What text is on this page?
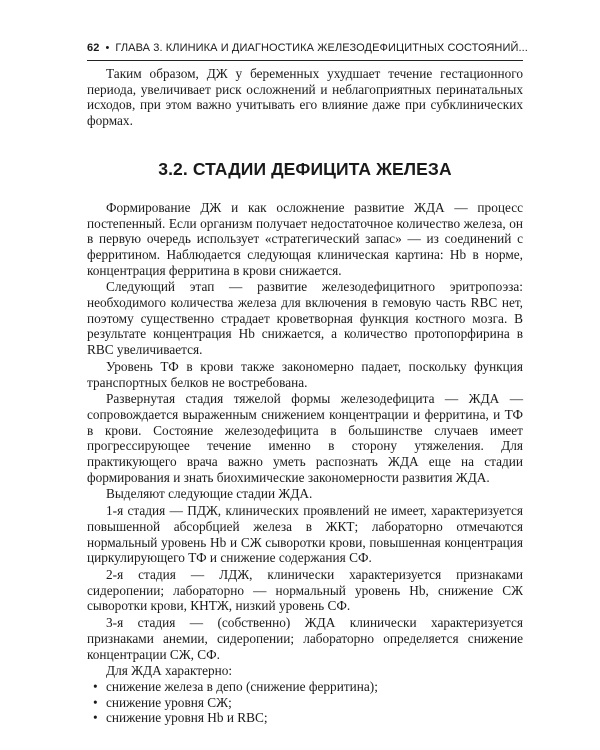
62 • ГЛАВА 3. КЛИНИКА И ДИАГНОСТИКА ЖЕЛЕЗОДЕФИЦИТНЫХ СОСТОЯНИЙ...

Таким образом, ДЖ у беременных ухудшает течение гестационного периода, увеличивает риск осложнений и неблагоприятных перинатальных исходов, при этом важно учитывать его влияние даже при субклинических формах.

3.2. СТАДИИ ДЕФИЦИТА ЖЕЛЕЗА

Формирование ДЖ и как осложнение развитие ЖДА — процесс постепенный. Если организм получает недостаточное количество железа, он в первую очередь использует «стратегический запас» — из соединений с ферритином. Наблюдается следующая клиническая картина: Hb в норме, концентрация ферритина в крови снижается.

Следующий этап — развитие железодефицитного эритропоэза: необходимого количества железа для включения в гемовую часть RBC нет, поэтому существенно страдает кроветворная функция костного мозга. В результате концентрация Hb снижается, а количество протопорфирина в RBC увеличивается.

Уровень ТФ в крови также закономерно падает, поскольку функция транспортных белков не востребована.

Развернутая стадия тяжелой формы железодефицита — ЖДА — сопровождается выраженным снижением концентрации и ферритина, и ТФ в крови. Состояние железодефицита в большинстве случаев имеет прогрессирующее течение именно в сторону утяжеления. Для практикующего врача важно уметь распознать ЖДА еще на стадии формирования и знать биохимические закономерности развития ЖДА.

Выделяют следующие стадии ЖДА.

1-я стадия — ПДЖ, клинических проявлений не имеет, характеризуется повышенной абсорбцией железа в ЖКТ; лабораторно отмечаются нормальный уровень Hb и СЖ сыворотки крови, повышенная концентрация циркулирующего ТФ и снижение содержания СФ.

2-я стадия — ЛДЖ, клинически характеризуется признаками сидеропении; лабораторно — нормальный уровень Hb, снижение СЖ сыворотки крови, КНТЖ, низкий уровень СФ.

3-я стадия — (собственно) ЖДА клинически характеризуется признаками анемии, сидеропении; лабораторно определяется снижение концентрации СЖ, СФ.

Для ЖДА характерно:

• снижение железа в депо (снижение ферритина);
• снижение уровня СЖ;
• снижение уровня Hb и RBC;
